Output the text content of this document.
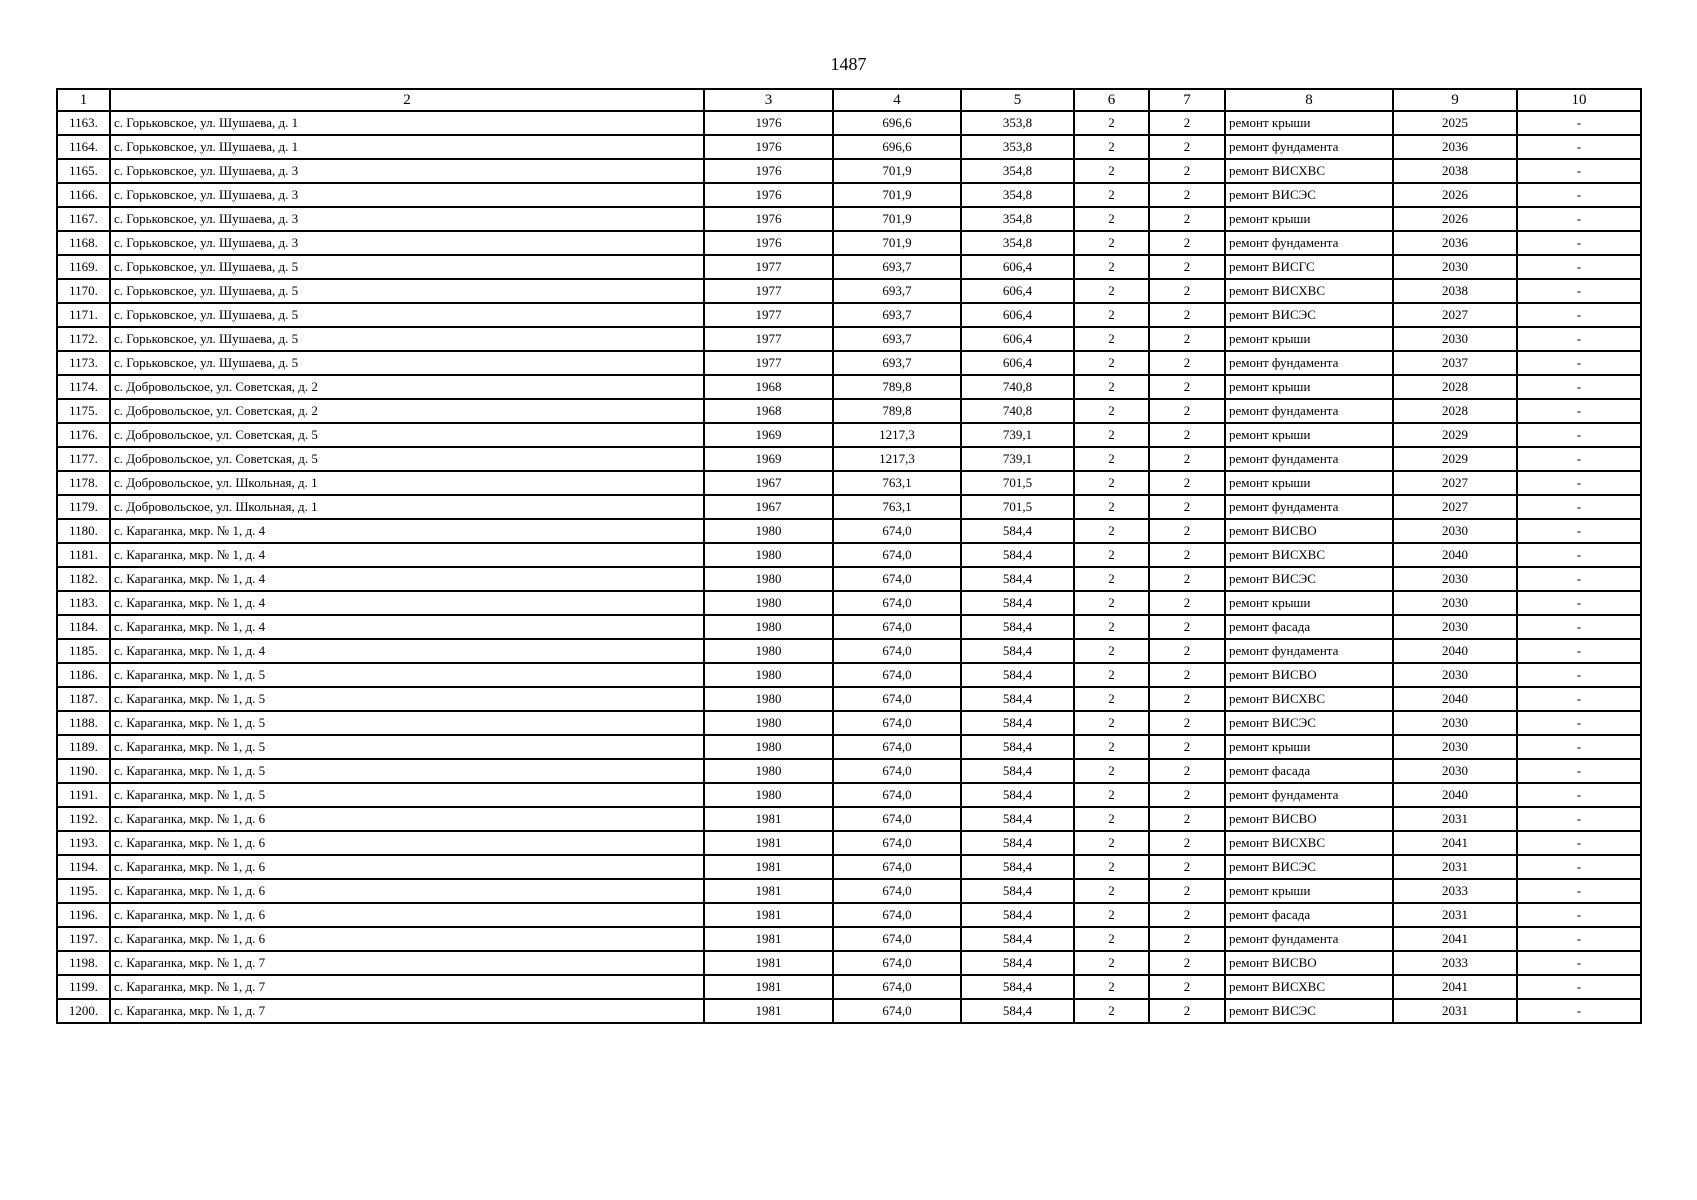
1487
1	2	3	4	5	6	7	8	9	10
1163.	с. Горьковское, ул. Шушаева, д. 1	1976	696,6	353,8	2	2	ремонт крыши	2025	-
1164.	с. Горьковское, ул. Шушаева, д. 1	1976	696,6	353,8	2	2	ремонт фундамента	2036	-
1165.	с. Горьковское, ул. Шушаева, д. 3	1976	701,9	354,8	2	2	ремонт ВИСХВС	2038	-
1166.	с. Горьковское, ул. Шушаева, д. 3	1976	701,9	354,8	2	2	ремонт ВИСЭС	2026	-
1167.	с. Горьковское, ул. Шушаева, д. 3	1976	701,9	354,8	2	2	ремонт крыши	2026	-
1168.	с. Горьковское, ул. Шушаева, д. 3	1976	701,9	354,8	2	2	ремонт фундамента	2036	-
1169.	с. Горьковское, ул. Шушаева, д. 5	1977	693,7	606,4	2	2	ремонт ВИСГС	2030	-
1170.	с. Горьковское, ул. Шушаева, д. 5	1977	693,7	606,4	2	2	ремонт ВИСХВС	2038	-
1171.	с. Горьковское, ул. Шушаева, д. 5	1977	693,7	606,4	2	2	ремонт ВИСЭС	2027	-
1172.	с. Горьковское, ул. Шушаева, д. 5	1977	693,7	606,4	2	2	ремонт крыши	2030	-
1173.	с. Горьковское, ул. Шушаева, д. 5	1977	693,7	606,4	2	2	ремонт фундамента	2037	-
1174.	с. Добровольское, ул. Советская, д. 2	1968	789,8	740,8	2	2	ремонт крыши	2028	-
1175.	с. Добровольское, ул. Советская, д. 2	1968	789,8	740,8	2	2	ремонт фундамента	2028	-
1176.	с. Добровольское, ул. Советская, д. 5	1969	1217,3	739,1	2	2	ремонт крыши	2029	-
1177.	с. Добровольское, ул. Советская, д. 5	1969	1217,3	739,1	2	2	ремонт фундамента	2029	-
1178.	с. Добровольское, ул. Школьная, д. 1	1967	763,1	701,5	2	2	ремонт крыши	2027	-
1179.	с. Добровольское, ул. Школьная, д. 1	1967	763,1	701,5	2	2	ремонт фундамента	2027	-
1180.	с. Караганка, мкр. № 1, д. 4	1980	674,0	584,4	2	2	ремонт ВИСВО	2030	-
1181.	с. Караганка, мкр. № 1, д. 4	1980	674,0	584,4	2	2	ремонт ВИСХВС	2040	-
1182.	с. Караганка, мкр. № 1, д. 4	1980	674,0	584,4	2	2	ремонт ВИСЭС	2030	-
1183.	с. Караганка, мкр. № 1, д. 4	1980	674,0	584,4	2	2	ремонт крыши	2030	-
1184.	с. Караганка, мкр. № 1, д. 4	1980	674,0	584,4	2	2	ремонт фасада	2030	-
1185.	с. Караганка, мкр. № 1, д. 4	1980	674,0	584,4	2	2	ремонт фундамента	2040	-
1186.	с. Караганка, мкр. № 1, д. 5	1980	674,0	584,4	2	2	ремонт ВИСВО	2030	-
1187.	с. Караганка, мкр. № 1, д. 5	1980	674,0	584,4	2	2	ремонт ВИСХВС	2040	-
1188.	с. Караганка, мкр. № 1, д. 5	1980	674,0	584,4	2	2	ремонт ВИСЭС	2030	-
1189.	с. Караганка, мкр. № 1, д. 5	1980	674,0	584,4	2	2	ремонт крыши	2030	-
1190.	с. Караганка, мкр. № 1, д. 5	1980	674,0	584,4	2	2	ремонт фасада	2030	-
1191.	с. Караганка, мкр. № 1, д. 5	1980	674,0	584,4	2	2	ремонт фундамента	2040	-
1192.	с. Караганка, мкр. № 1, д. 6	1981	674,0	584,4	2	2	ремонт ВИСВО	2031	-
1193.	с. Караганка, мкр. № 1, д. 6	1981	674,0	584,4	2	2	ремонт ВИСХВС	2041	-
1194.	с. Караганка, мкр. № 1, д. 6	1981	674,0	584,4	2	2	ремонт ВИСЭС	2031	-
1195.	с. Караганка, мкр. № 1, д. 6	1981	674,0	584,4	2	2	ремонт крыши	2033	-
1196.	с. Караганка, мкр. № 1, д. 6	1981	674,0	584,4	2	2	ремонт фасада	2031	-
1197.	с. Караганка, мкр. № 1, д. 6	1981	674,0	584,4	2	2	ремонт фундамента	2041	-
1198.	с. Караганка, мкр. № 1, д. 7	1981	674,0	584,4	2	2	ремонт ВИСВО	2033	-
1199.	с. Караганка, мкр. № 1, д. 7	1981	674,0	584,4	2	2	ремонт ВИСХВС	2041	-
1200.	с. Караганка, мкр. № 1, д. 7	1981	674,0	584,4	2	2	ремонт ВИСЭС	2031	-
